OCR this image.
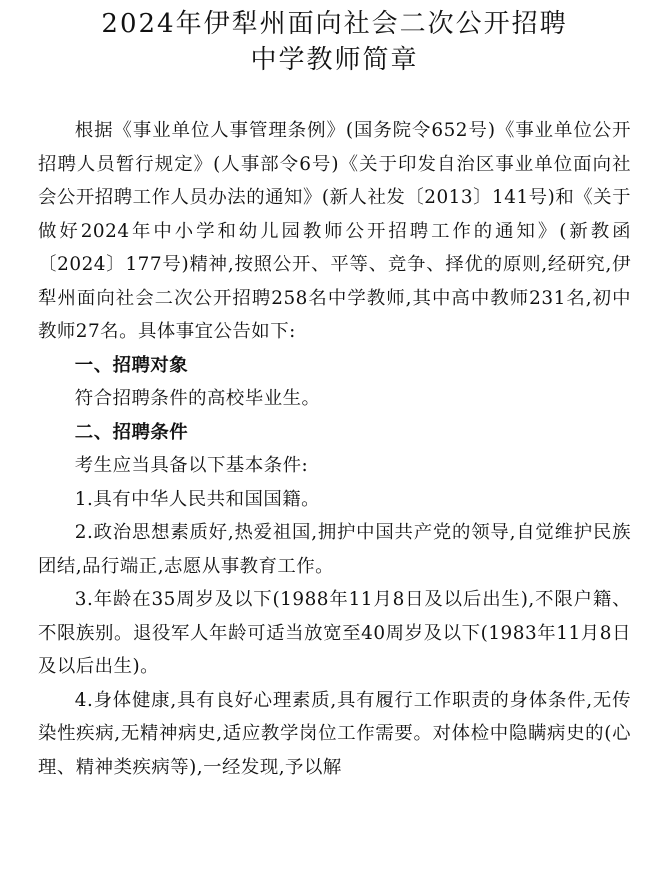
2024年伊犁州面向社会二次公开招聘
中学教师简章

根据《事业单位人事管理条例》(国务院令652号)《事业单位公开招聘人员暂行规定》(人事部令6号)《关于印发自治区事业单位面向社会公开招聘工作人员办法的通知》(新人社发〔2013〕141号)和《关于做好2024年中小学和幼儿园教师公开招聘工作的通知》(新教函〔2024〕177号)精神,按照公开、平等、竞争、择优的原则,经研究,伊犁州面向社会二次公开招聘258名中学教师,其中高中教师231名,初中教师27名。具体事宜公告如下:

一、招聘对象

符合招聘条件的高校毕业生。

二、招聘条件

考生应当具备以下基本条件:

1.具有中华人民共和国国籍。

2.政治思想素质好,热爱祖国,拥护中国共产党的领导,自觉维护民族团结,品行端正,志愿从事教育工作。

3.年龄在35周岁及以下(1988年11月8日及以后出生),不限户籍、不限族别。退役军人年龄可适当放宽至40周岁及以下(1983年11月8日及以后出生)。

4.身体健康,具有良好心理素质,具有履行工作职责的身体条件,无传染性疾病,无精神病史,适应教学岗位工作需要。对体检中隐瞒病史的(心理、精神类疾病等),一经发现,予以解
